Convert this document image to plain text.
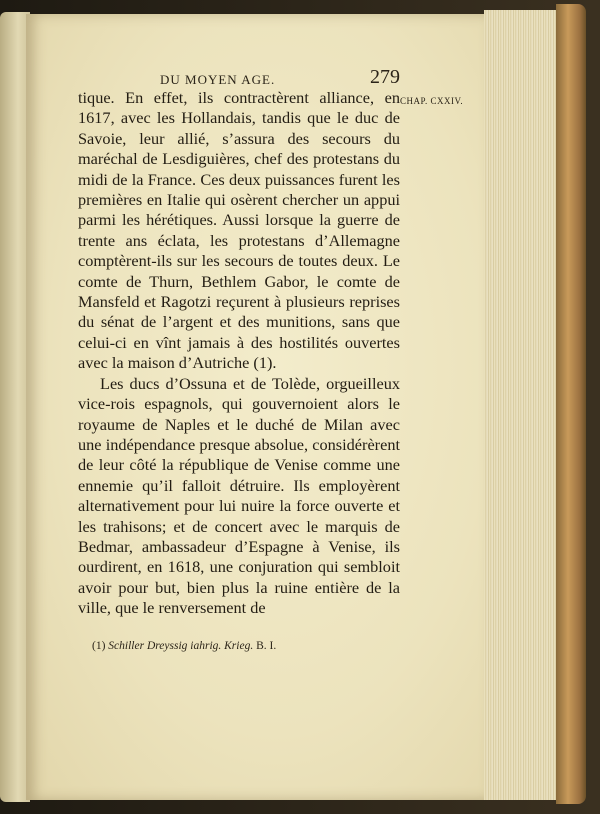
DU MOYEN AGE.	279
CHAP. CXXIV.

tique. En effet, ils contractèrent alliance, en 1617, avec les Hollandais, tandis que le duc de Savoie, leur allié, s’assura des secours du maréchal de Lesdiguières, chef des protestans du midi de la France. Ces deux puissances furent les premières en Italie qui osèrent chercher un appui parmi les hérétiques. Aussi lorsque la guerre de trente ans éclata, les protestans d’Allemagne comptèrent-ils sur les secours de toutes deux. Le comte de Thurn, Bethlem Gabor, le comte de Mansfeld et Ragotzi reçurent à plusieurs reprises du sénat de l’argent et des munitions, sans que celui-ci en vînt jamais à des hostilités ouvertes avec la maison d’Autriche (1).

Les ducs d’Ossuna et de Tolède, orgueilleux vice-rois espagnols, qui gouvernoient alors le royaume de Naples et le duché de Milan avec une indépendance presque absolue, considérèrent de leur côté la république de Venise comme une ennemie qu’il falloit détruire. Ils employèrent alternativement pour lui nuire la force ouverte et les trahisons; et de concert avec le marquis de Bedmar, ambassadeur d’Espagne à Venise, ils ourdirent, en 1618, une conjuration qui sembloit avoir pour but, bien plus la ruine entière de la ville, que le renversement de

(1) Schiller Dreyssig iahrig. Krieg. B. I.
